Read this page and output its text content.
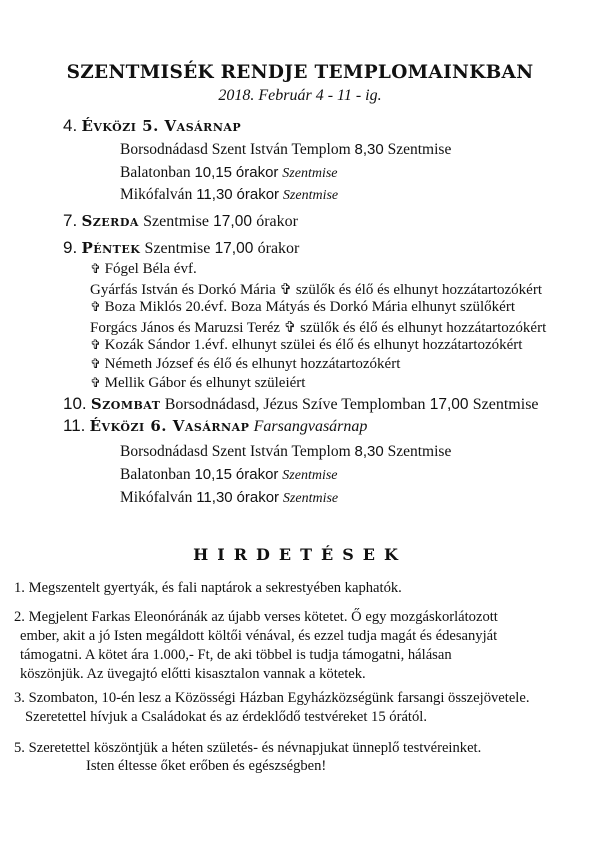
SZENTMISÉK RENDJE TEMPLOMAINKBAN
2018. Február 4 - 11 - ig.
4. Évközi 5. Vasárnap
Borsodnádasd Szent István Templom 8,30 Szentmise
Balatonban 10,15 órakor Szentmise
Mikófalván 11,30 órakor Szentmise
7. Szerda Szentmise 17,00 órakor
9. Péntek Szentmise 17,00 órakor
✞ Fógel Béla évf.
Gyárfás István és Dorkó Mária ✞ szülők és élő és elhunyt hozzátartozókért
✞ Boza Miklós 20.évf. Boza Mátyás és Dorkó Mária elhunyt szülőkért
Forgács János és Maruzsi Teréz ✞ szülők és élő és elhunyt hozzátartozókért
✞ Kozák Sándor 1.évf. elhunyt szülei és élő és elhunyt hozzátartozókért
✞ Németh József és élő és elhunyt hozzátartozókért
✞ Mellik Gábor és elhunyt szüleiért
10. Szombat Borsodnádasd, Jézus Szíve Templomban 17,00 Szentmise
11. Évközi 6. Vasárnap Farsangvasárnap
Borsodnádasd Szent István Templom 8,30 Szentmise
Balatonban 10,15 órakor Szentmise
Mikófalván 11,30 órakor Szentmise
HIRDETÉSEK
1. Megszentelt gyertyák, és fali naptárok a sekrestyében kaphatók.
2. Megjelent Farkas Eleonóránák az újabb verses kötetet. Ő egy mozgáskorlátozott
ember, akit a jó Isten megáldott költői vénával, és ezzel tudja magát és édesanyját
támogatni. A kötet ára 1.000,- Ft, de aki többel is tudja támogatni, hálásan
köszönjük. Az üvegajtó előtti kisasztalon vannak a kötetek.
3. Szombaton, 10-én lesz a Közösségi Házban Egyházközségünk farsangi összejövetele.
Szeretettel hívjuk a Családokat és az érdeklődő testvéreket 15 órától.
5. Szeretettel köszöntjük a héten születés- és névnapjukat ünneplő testvéreinket.
Isten éltesse őket erőben és egészségben!
